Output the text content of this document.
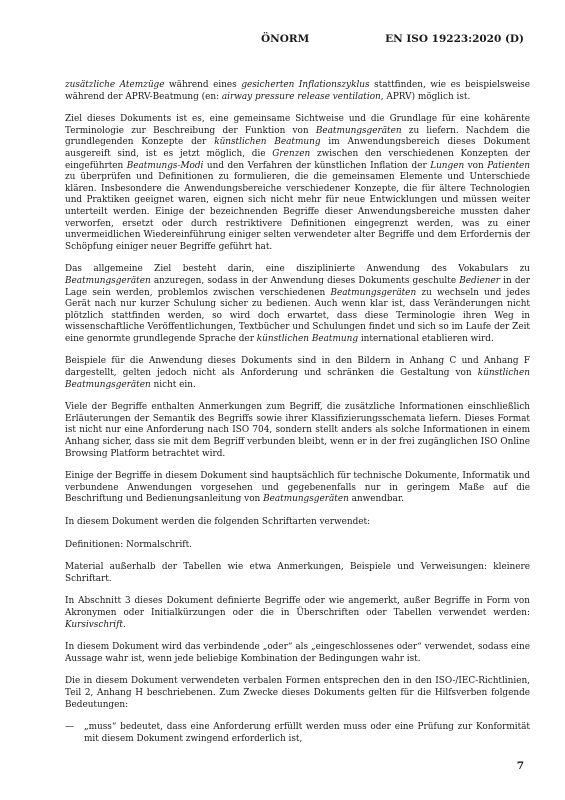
ÖNORM	EN ISO 19223:2020 (D)

zusätzliche Atemzüge während eines gesicherten Inflationszyklus stattfinden, wie es beispielsweise während der APRV-Beatmung (en: airway pressure release ventilation, APRV) möglich ist.

Ziel dieses Dokuments ist es, eine gemeinsame Sichtweise und die Grundlage für eine kohärente Terminologie zur Beschreibung der Funktion von Beatmungsgeräten zu liefern. Nachdem die grundlegenden Konzepte der künstlichen Beatmung im Anwendungsbereich dieses Dokument ausgereift sind, ist es jetzt möglich, die Grenzen zwischen den verschiedenen Konzepten der eingeführten Beatmungs-Modi und den Verfahren der künstlichen Inflation der Lungen von Patienten zu überprüfen und Definitionen zu formulieren, die die gemeinsamen Elemente und Unterschiede klären. Insbesondere die Anwendungsbereiche verschiedener Konzepte, die für ältere Technologien und Praktiken geeignet waren, eignen sich nicht mehr für neue Entwicklungen und müssen weiter unterteilt werden. Einige der bezeichnenden Begriffe dieser Anwendungsbereiche mussten daher verworfen, ersetzt oder durch restriktivere Definitionen eingegrenzt werden, was zu einer unvermeidlichen Wiedereinführung einiger selten verwendeter alter Begriffe und dem Erfordernis der Schöpfung einiger neuer Begriffe geführt hat.

Das allgemeine Ziel besteht darin, eine disziplinierte Anwendung des Vokabulars zu Beatmungsgeräten anzuregen, sodass in der Anwendung dieses Dokuments geschulte Bediener in der Lage sein werden, problemlos zwischen verschiedenen Beatmungsgeräten zu wechseln und jedes Gerät nach nur kurzer Schulung sicher zu bedienen. Auch wenn klar ist, dass Veränderungen nicht plötzlich stattfinden werden, so wird doch erwartet, dass diese Terminologie ihren Weg in wissenschaftliche Veröffentlichungen, Textbücher und Schulungen findet und sich so im Laufe der Zeit eine genormte grundlegende Sprache der künstlichen Beatmung international etablieren wird.

Beispiele für die Anwendung dieses Dokuments sind in den Bildern in Anhang C und Anhang F dargestellt, gelten jedoch nicht als Anforderung und schränken die Gestaltung von künstlichen Beatmungsgeräten nicht ein.

Viele der Begriffe enthalten Anmerkungen zum Begriff, die zusätzliche Informationen einschließlich Erläuterungen der Semantik des Begriffs sowie ihrer Klassifizierungsschemata liefern. Dieses Format ist nicht nur eine Anforderung nach ISO 704, sondern stellt anders als solche Informationen in einem Anhang sicher, dass sie mit dem Begriff verbunden bleibt, wenn er in der frei zugänglichen ISO Online Browsing Platform betrachtet wird.

Einige der Begriffe in diesem Dokument sind hauptsächlich für technische Dokumente, Informatik und verbundene Anwendungen vorgesehen und gegebenenfalls nur in geringem Maße auf die Beschriftung und Bedienungsanleitung von Beatmungsgeräten anwendbar.

In diesem Dokument werden die folgenden Schriftarten verwendet:

Definitionen: Normalschrift.

Material außerhalb der Tabellen wie etwa Anmerkungen, Beispiele und Verweisungen: kleinere Schriftart.

In Abschnitt 3 dieses Dokument definierte Begriffe oder wie angemerkt, außer Begriffe in Form von Akronymen oder Initialkürzungen oder die in Überschriften oder Tabellen verwendet werden: Kursivschrift.

In diesem Dokument wird das verbindende „oder“ als „eingeschlossenes oder“ verwendet, sodass eine Aussage wahr ist, wenn jede beliebige Kombination der Bedingungen wahr ist.

Die in diesem Dokument verwendeten verbalen Formen entsprechen den in den ISO-/IEC-Richtlinien, Teil 2, Anhang H beschriebenen. Zum Zwecke dieses Dokuments gelten für die Hilfsverben folgende Bedeutungen:

—	„muss“ bedeutet, dass eine Anforderung erfüllt werden muss oder eine Prüfung zur Konformität mit diesem Dokument zwingend erforderlich ist,
7
